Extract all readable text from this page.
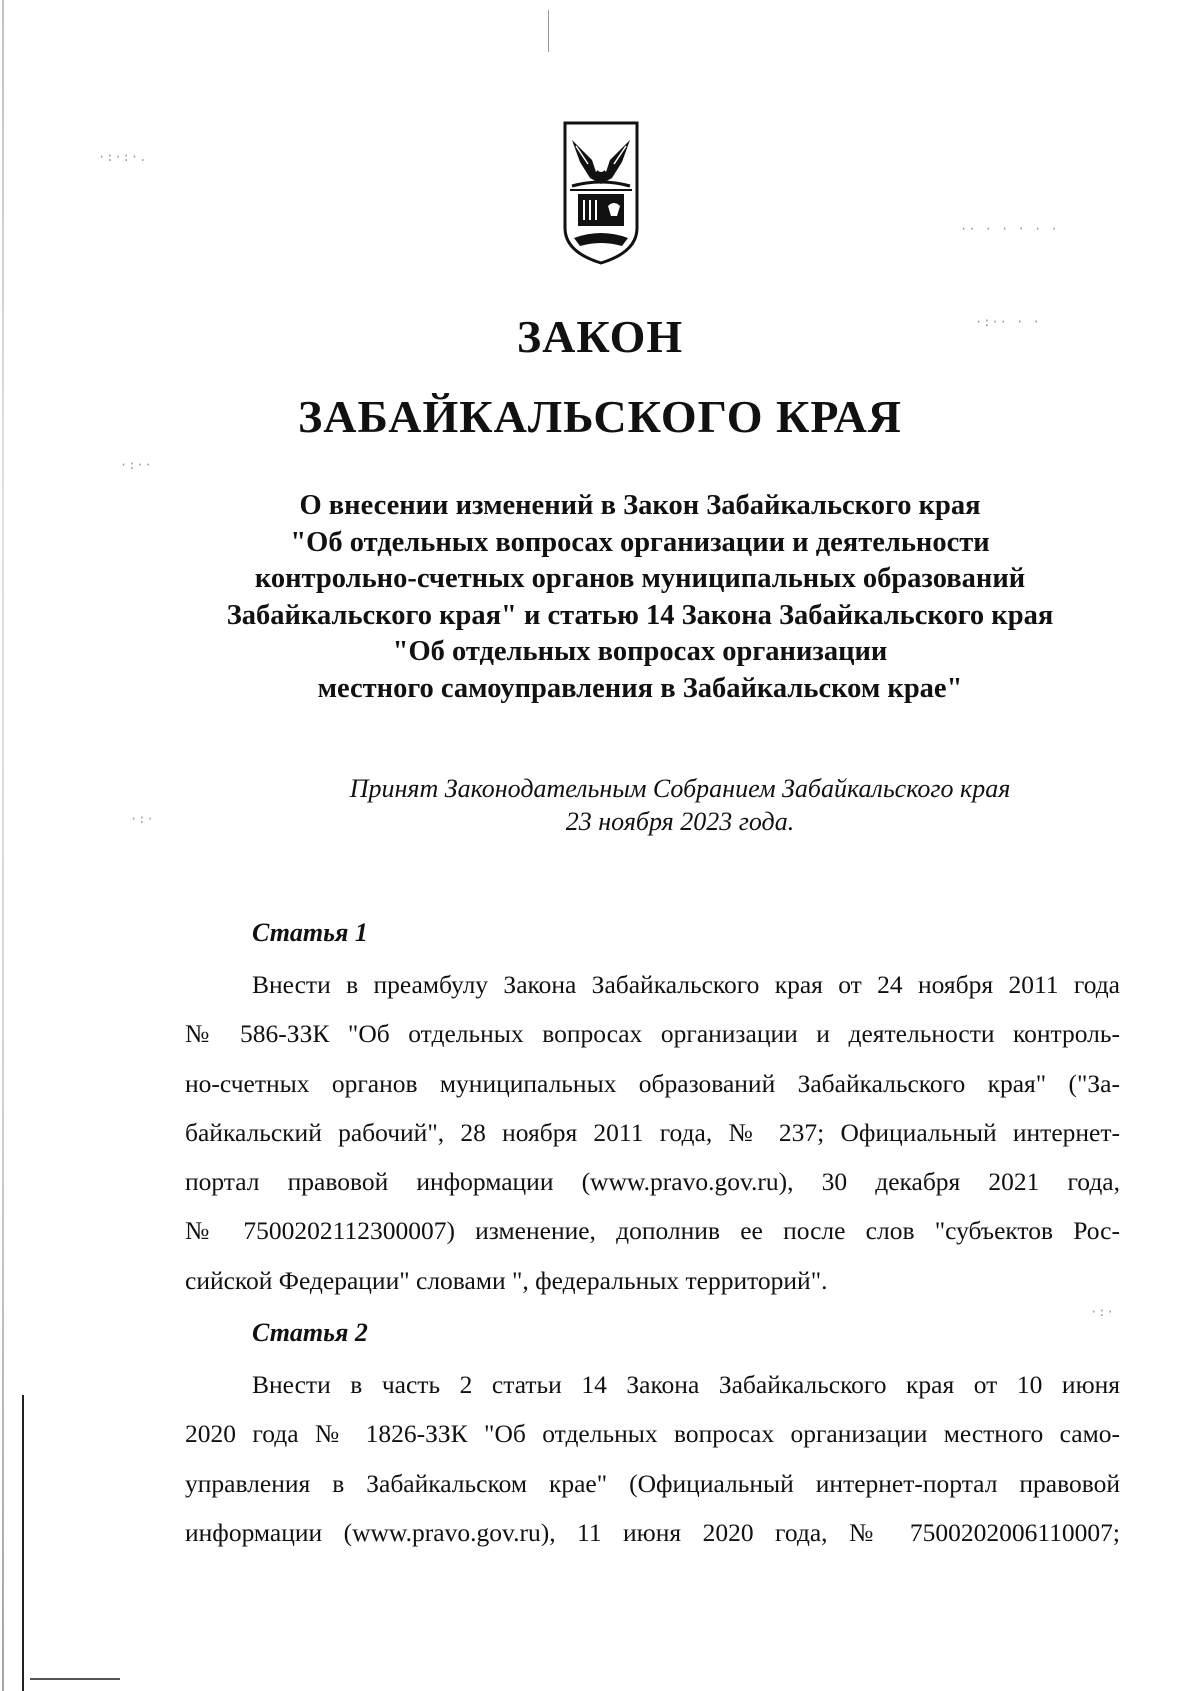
·:·:·.
·:··
·· · · · · ·
·:·· · ·
·:·
·:·
ЗАКОН
ЗАБАЙКАЛЬСКОГО КРАЯ
О внесении изменений в Закон Забайкальского края
"Об отдельных вопросах организации и деятельности
контрольно-счетных органов муниципальных образований
Забайкальского края" и статью 14 Закона Забайкальского края
"Об отдельных вопросах организации
местного самоуправления в Забайкальском крае"
Принят Законодательным Собранием Забайкальского края
23 ноября 2023 года.
Статья 1
Внести в преамбулу Закона Забайкальского края от 24 ноября 2011 года
№ 586-ЗЗК "Об отдельных вопросах организации и деятельности контроль-
но-счетных органов муниципальных образований Забайкальского края" ("За-
байкальский рабочий", 28 ноября 2011 года, № 237; Официальный интернет-
портал правовой информации (www.pravo.gov.ru), 30 декабря 2021 года,
№ 7500202112300007) изменение, дополнив ее после слов "субъектов Рос-
сийской Федерации" словами ", федеральных территорий".
Статья 2
Внести в часть 2 статьи 14 Закона Забайкальского края от 10 июня
2020 года № 1826-ЗЗК "Об отдельных вопросах организации местного само-
управления в Забайкальском крае" (Официальный интернет-портал правовой
информации (www.pravo.gov.ru), 11 июня 2020 года, № 7500202006110007;
